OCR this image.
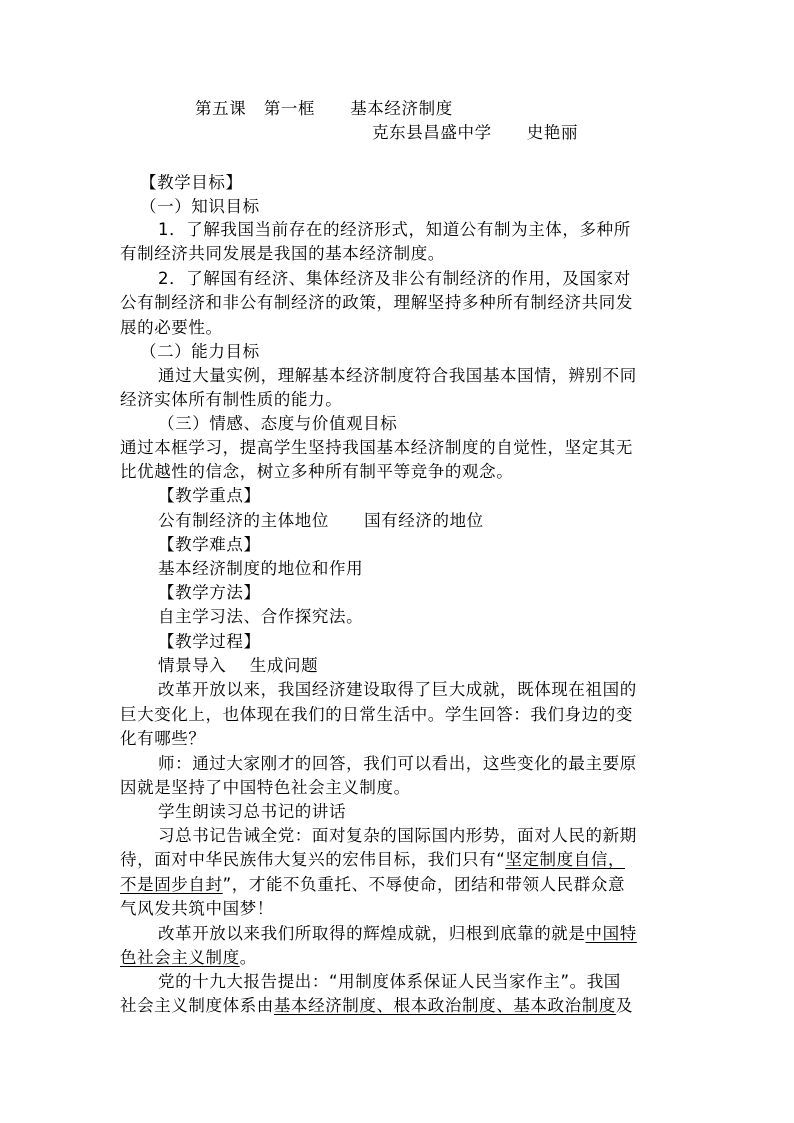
第五课   第一框      基本经济制度
克东县昌盛中学      史艳丽
【教学目标】
（一）知识目标
1．了解我国当前存在的经济形式，知道公有制为主体，多种所
有制经济共同发展是我国的基本经济制度。
2．了解国有经济、集体经济及非公有制经济的作用，及国家对
公有制经济和非公有制经济的政策，理解坚持多种所有制经济共同发
展的必要性。
（二）能力目标
通过大量实例，理解基本经济制度符合我国基本国情，辨别不同
经济实体所有制性质的能力。
（三）情感、态度与价值观目标
通过本框学习，提高学生坚持我国基本经济制度的自觉性，坚定其无
比优越性的信念，树立多种所有制平等竞争的观念。
【教学重点】
公有制经济的主体地位      国有经济的地位
【教学难点】
基本经济制度的地位和作用
【教学方法】
自主学习法、合作探究法。
【教学过程】
情景导入    生成问题
改革开放以来，我国经济建设取得了巨大成就，既体现在祖国的
巨大变化上，也体现在我们的日常生活中。学生回答：我们身边的变
化有哪些？
师：通过大家刚才的回答，我们可以看出，这些变化的最主要原
因就是坚持了中国特色社会主义制度。
学生朗读习总书记的讲话
习总书记告诫全党：面对复杂的国际国内形势，面对人民的新期
待，面对中华民族伟大复兴的宏伟目标，我们只有“坚定制度自信，
不是固步自封”，才能不负重托、不辱使命，团结和带领人民群众意
气风发共筑中国梦！
改革开放以来我们所取得的辉煌成就，归根到底靠的就是中国特
色社会主义制度。
党的十九大报告提出：“用制度体系保证人民当家作主”。我国
社会主义制度体系由基本经济制度、根本政治制度、基本政治制度及
